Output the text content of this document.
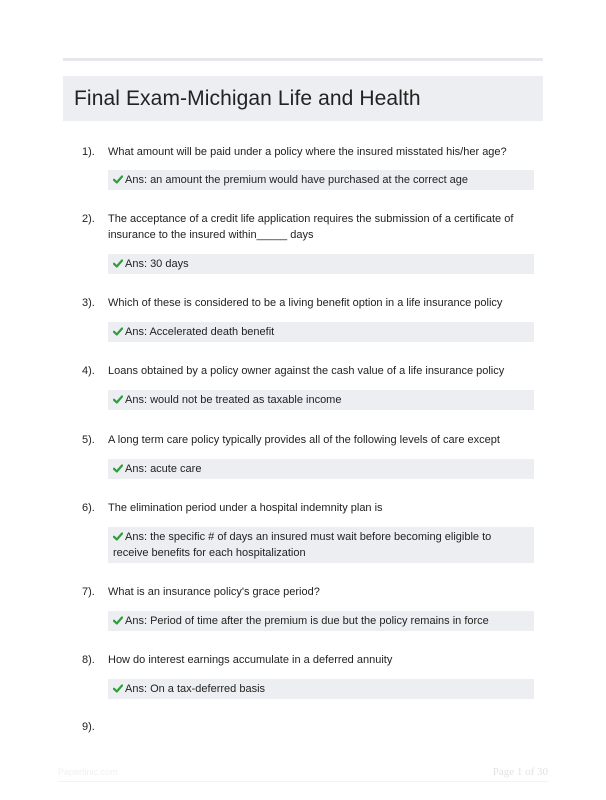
Final Exam-Michigan Life and Health
1). What amount will be paid under a policy where the insured misstated his/her age?
Ans: an amount the premium would have purchased at the correct age
2). The acceptance of a credit life application requires the submission of a certificate of insurance to the insured within_____ days
Ans: 30 days
3). Which of these is considered to be a living benefit option in a life insurance policy
Ans: Accelerated death benefit
4). Loans obtained by a policy owner against the cash value of a life insurance policy
Ans: would not be treated as taxable income
5). A long term care policy typically provides all of the following levels of care except
Ans: acute care
6). The elimination period under a hospital indemnity plan is
Ans: the specific # of days an insured must wait before becoming eligible to receive benefits for each hospitalization
7). What is an insurance policy's grace period?
Ans: Period of time after the premium is due but the policy remains in force
8). How do interest earnings accumulate in a deferred annuity
Ans: On a tax-deferred basis
9).
Paperfinic.com	Page 1 of 30
